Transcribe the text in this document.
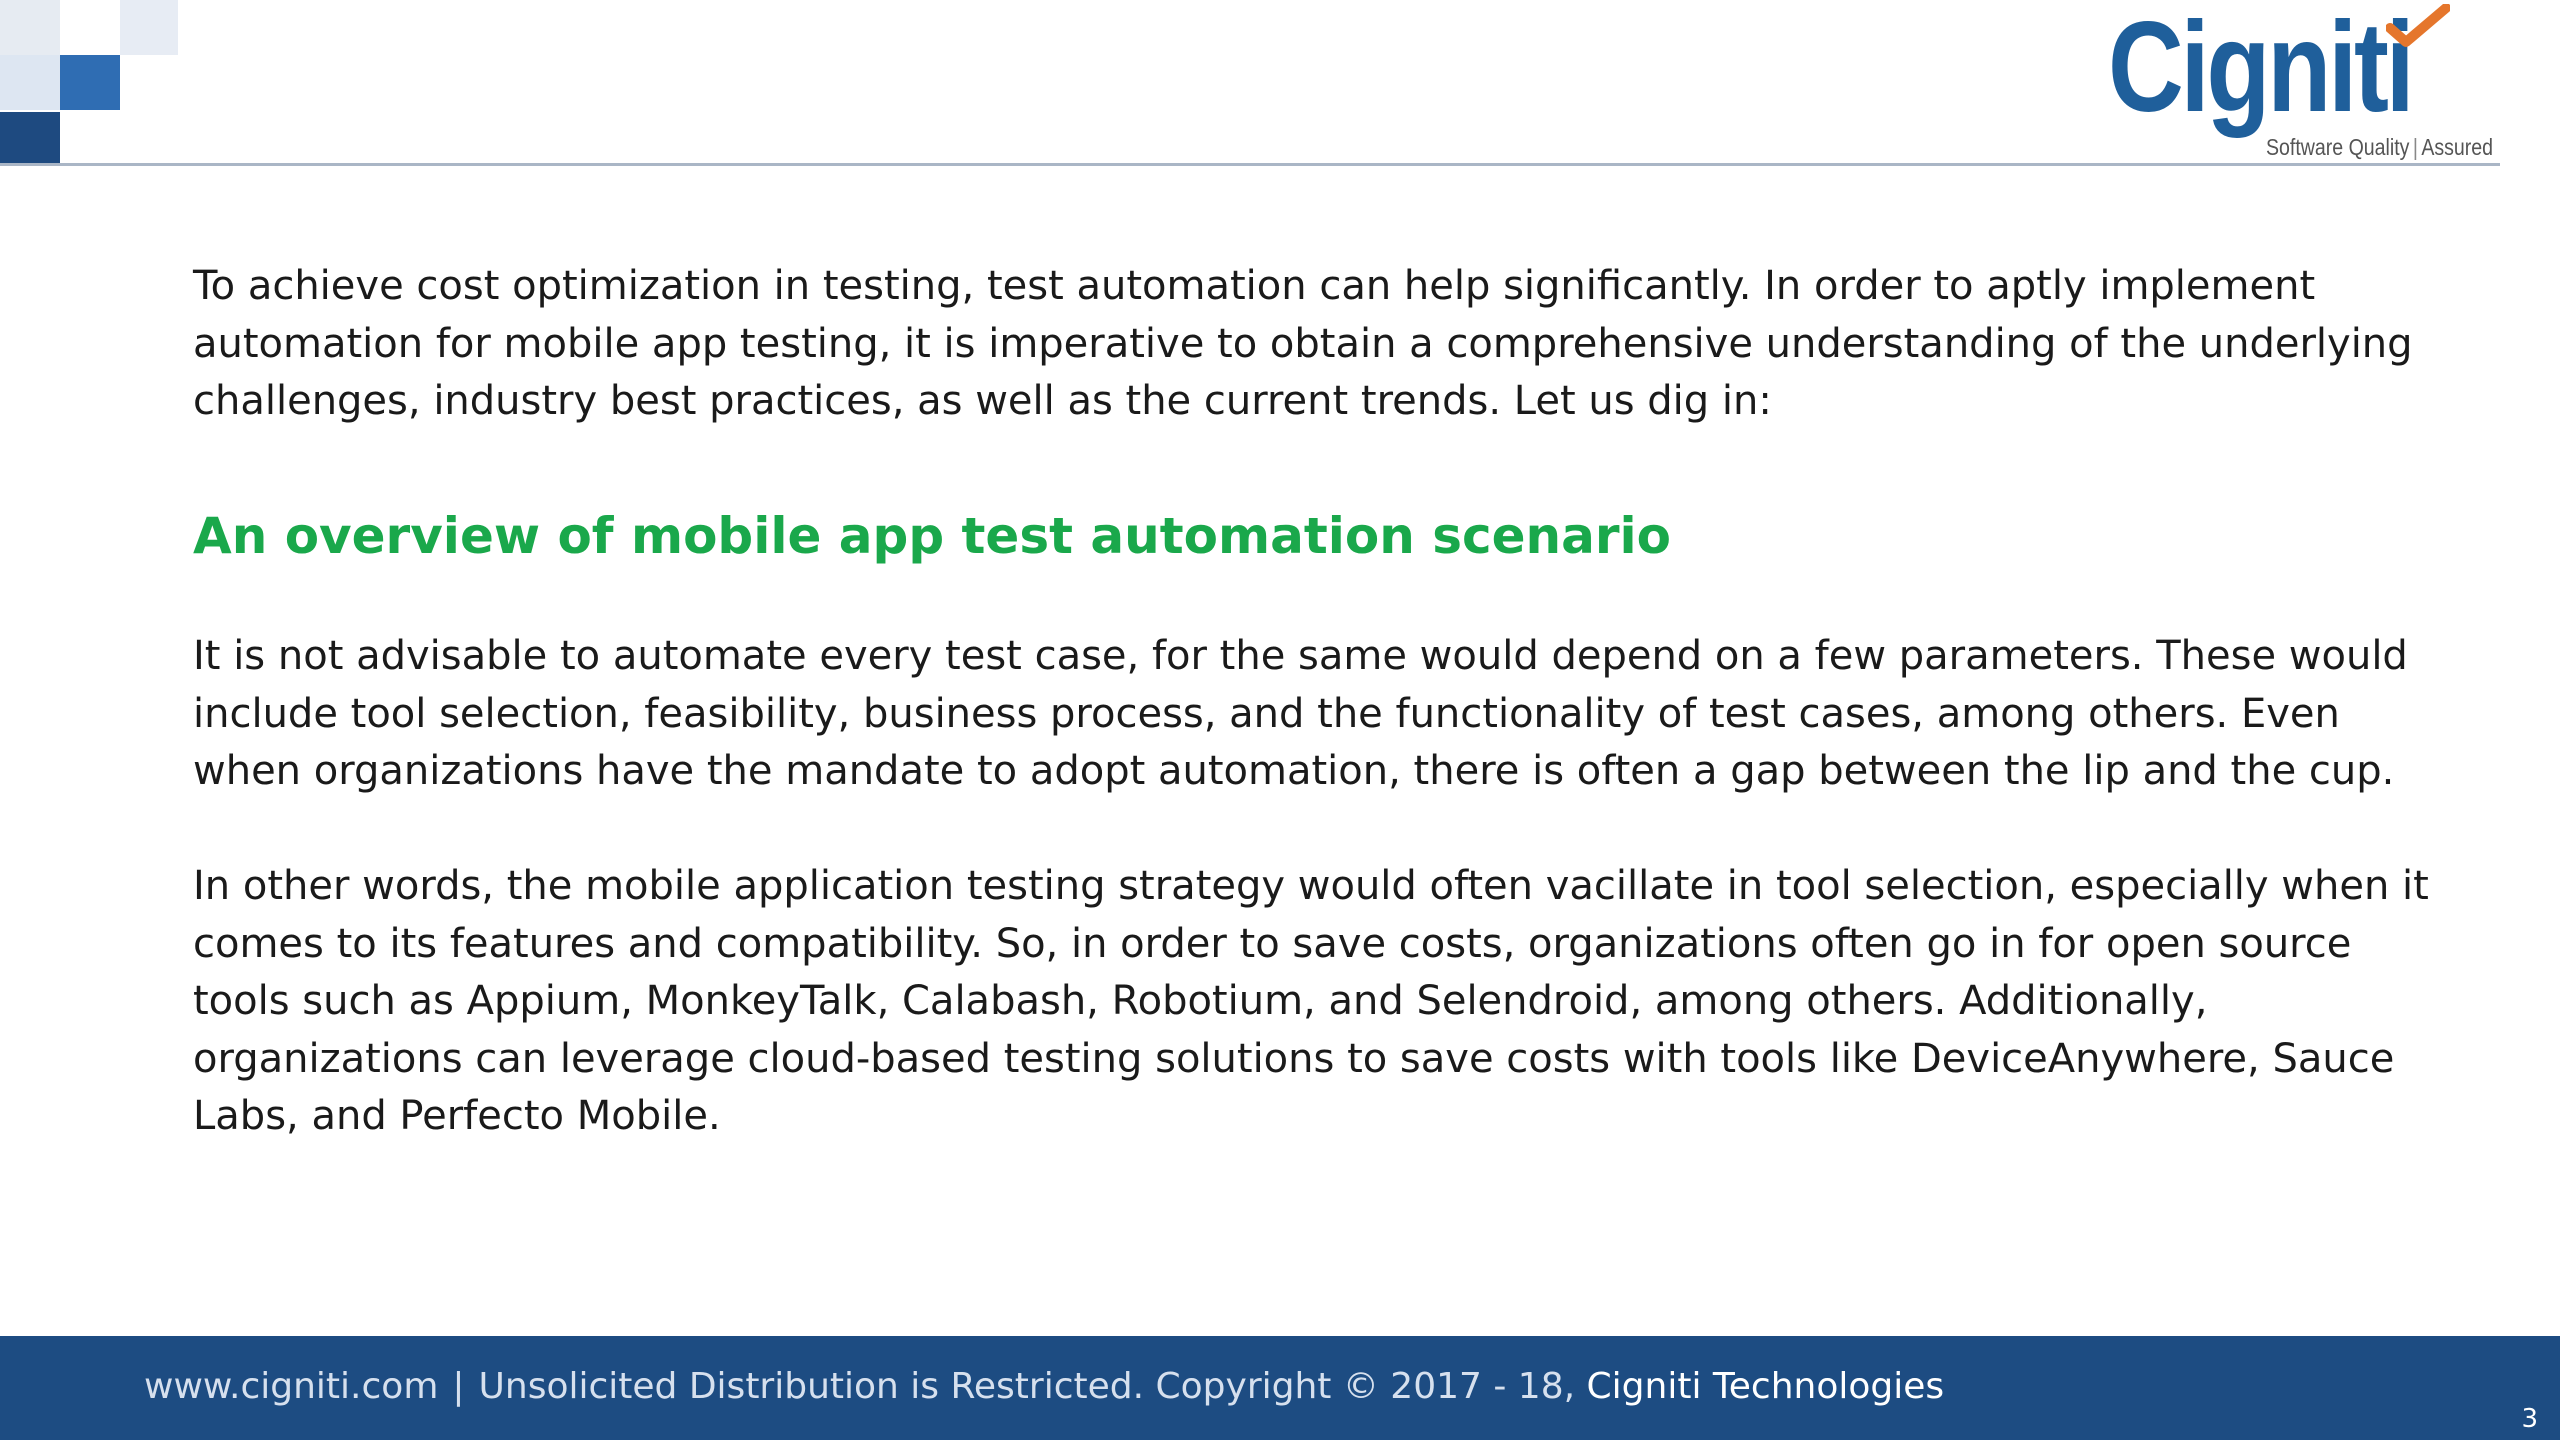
Cigniti
Software Quality | Assured

To achieve cost optimization in testing, test automation can help significantly. In order to aptly implement automation for mobile app testing, it is imperative to obtain a comprehensive understanding of the underlying challenges, industry best practices, as well as the current trends. Let us dig in:

An overview of mobile app test automation scenario

It is not advisable to automate every test case, for the same would depend on a few parameters. These would include tool selection, feasibility, business process, and the functionality of test cases, among others. Even when organizations have the mandate to adopt automation, there is often a gap between the lip and the cup.

In other words, the mobile application testing strategy would often vacillate in tool selection, especially when it comes to its features and compatibility. So, in order to save costs, organizations often go in for open source tools such as Appium, MonkeyTalk, Calabash, Robotium, and Selendroid, among others. Additionally, organizations can leverage cloud-based testing solutions to save costs with tools like DeviceAnywhere, Sauce Labs, and Perfecto Mobile.

www.cigniti.com | Unsolicited Distribution is Restricted. Copyright © 2017 - 18, Cigniti Technologies
3
